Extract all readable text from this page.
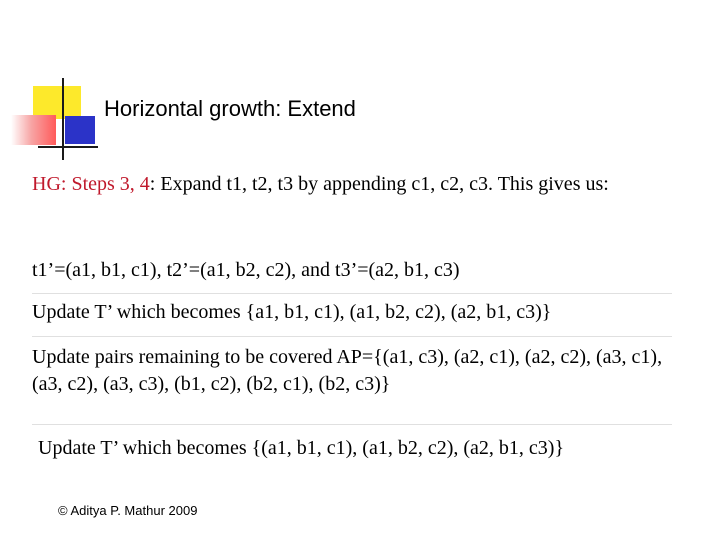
Horizontal growth: Extend
HG: Steps 3, 4: Expand t1, t2, t3 by appending c1, c2, c3. This gives us:
t1’=(a1, b1, c1), t2’=(a1, b2, c2), and t3’=(a2, b1, c3)
Update T’ which becomes {a1, b1, c1), (a1, b2, c2), (a2, b1, c3)}
Update pairs remaining to be covered AP={(a1, c3), (a2, c1), (a2, c2), (a3, c1), (a3, c2), (a3, c3), (b1, c2), (b2, c1), (b2, c3)}
Update T’ which becomes {(a1, b1, c1), (a1, b2, c2), (a2, b1, c3)}
© Aditya P. Mathur 2009
